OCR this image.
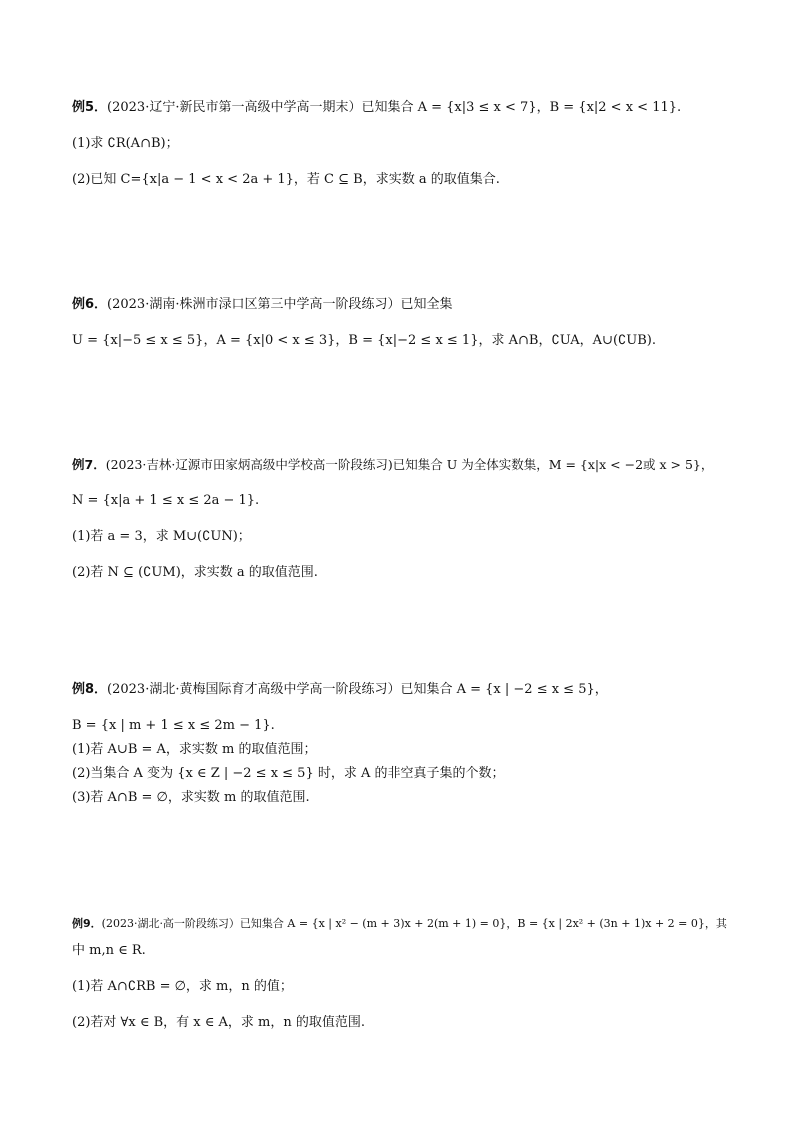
例5．(2023·辽宁·新民市第一高级中学高一期末）已知集合 A = {x|3 ≤ x < 7}，B = {x|2 < x < 11}.

(1)求 ∁R(A∩B)；

(2)已知 C={x|a − 1 < x < 2a + 1}，若 C ⊆ B，求实数 a 的取值集合.

例6．(2023·湖南·株洲市渌口区第三中学高一阶段练习）已知全集

U = {x|−5 ≤ x ≤ 5}，A = {x|0 < x ≤ 3}，B = {x|−2 ≤ x ≤ 1}，求 A∩B，∁UA，A∪(∁UB).

例7．(2023·吉林·辽源市田家炳高级中学校高一阶段练习)已知集合 U 为全体实数集，M = {x|x < −2或 x > 5}，

N = {x|a + 1 ≤ x ≤ 2a − 1}.

(1)若 a = 3，求 M∪(∁UN)；

(2)若 N ⊆ (∁UM)，求实数 a 的取值范围.

例8．(2023·湖北·黄梅国际育才高级中学高一阶段练习）已知集合 A = {x | −2 ≤ x ≤ 5}，

B = {x | m + 1 ≤ x ≤ 2m − 1}.

(1)若 A∪B = A，求实数 m 的取值范围；

(2)当集合 A 变为 {x ∈ Z | −2 ≤ x ≤ 5} 时，求 A 的非空真子集的个数；

(3)若 A∩B = ∅，求实数 m 的取值范围.

例9．(2023·湖北·高一阶段练习）已知集合 A = {x | x² − (m + 3)x + 2(m + 1) = 0}，B = {x | 2x² + (3n + 1)x + 2 = 0}，其

中 m,n ∈ R.

(1)若 A∩∁RB = ∅，求 m，n 的值；

(2)若对 ∀x ∈ B，有 x ∈ A，求 m，n 的取值范围.
